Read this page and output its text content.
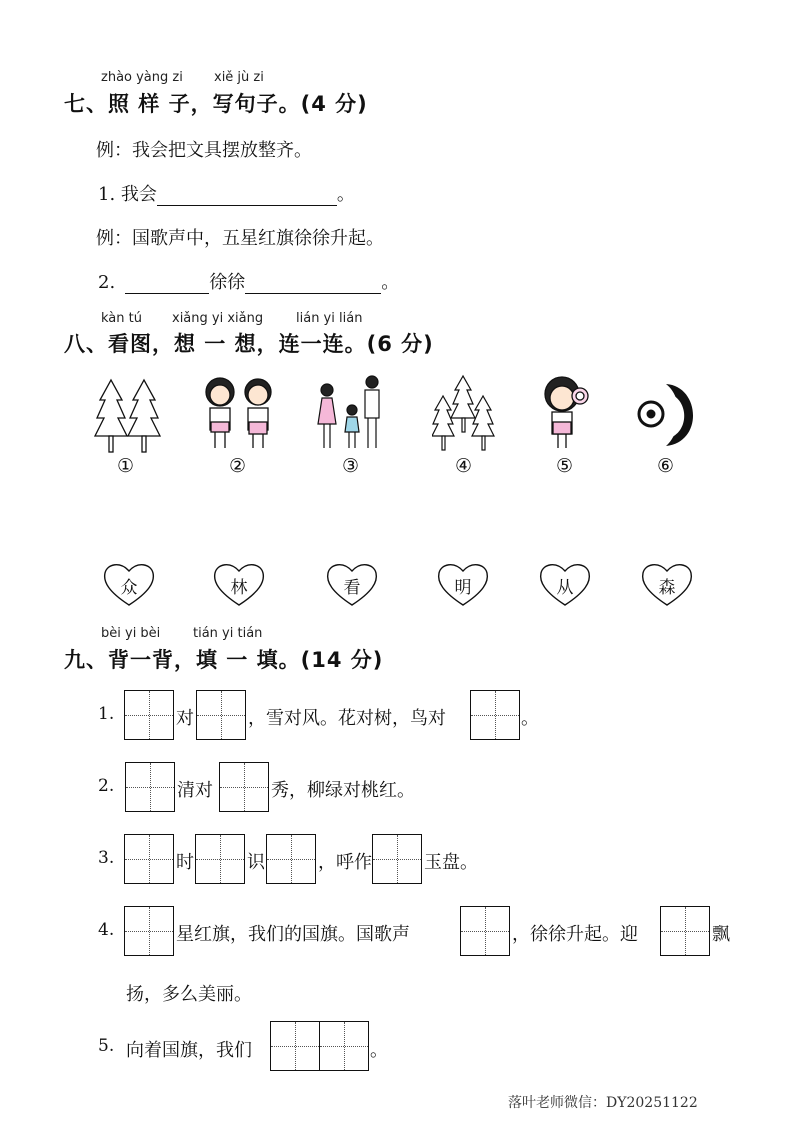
zhào yàng zi xiě jù zi
七、照 样 子，写句子。(4 分)
例：我会把文具摆放整齐。
1. 我会	。
例：国歌声中，五星红旗徐徐升起。
2.	徐徐	。
kàn tú xiǎng yi xiǎng	lián yi lián
八、看图，想 一 想，连一连。(6 分)
①	②	③	④	⑤	⑥
众	林	看	明	从	森
bèi yi bèi	tián yi tián
九、背一背，填 一 填。(14 分)
1.	对	，雪对风。花对树，鸟对	。
2.	清对	秀，柳绿对桃红。
3.	时	识	，呼作	玉盘。
4.	星红旗，我们的国旗。国歌声	，徐徐升起。迎	飘
扬，多么美丽。
5. 向着国旗，我们	。
落叶老师微信：DY20251122
